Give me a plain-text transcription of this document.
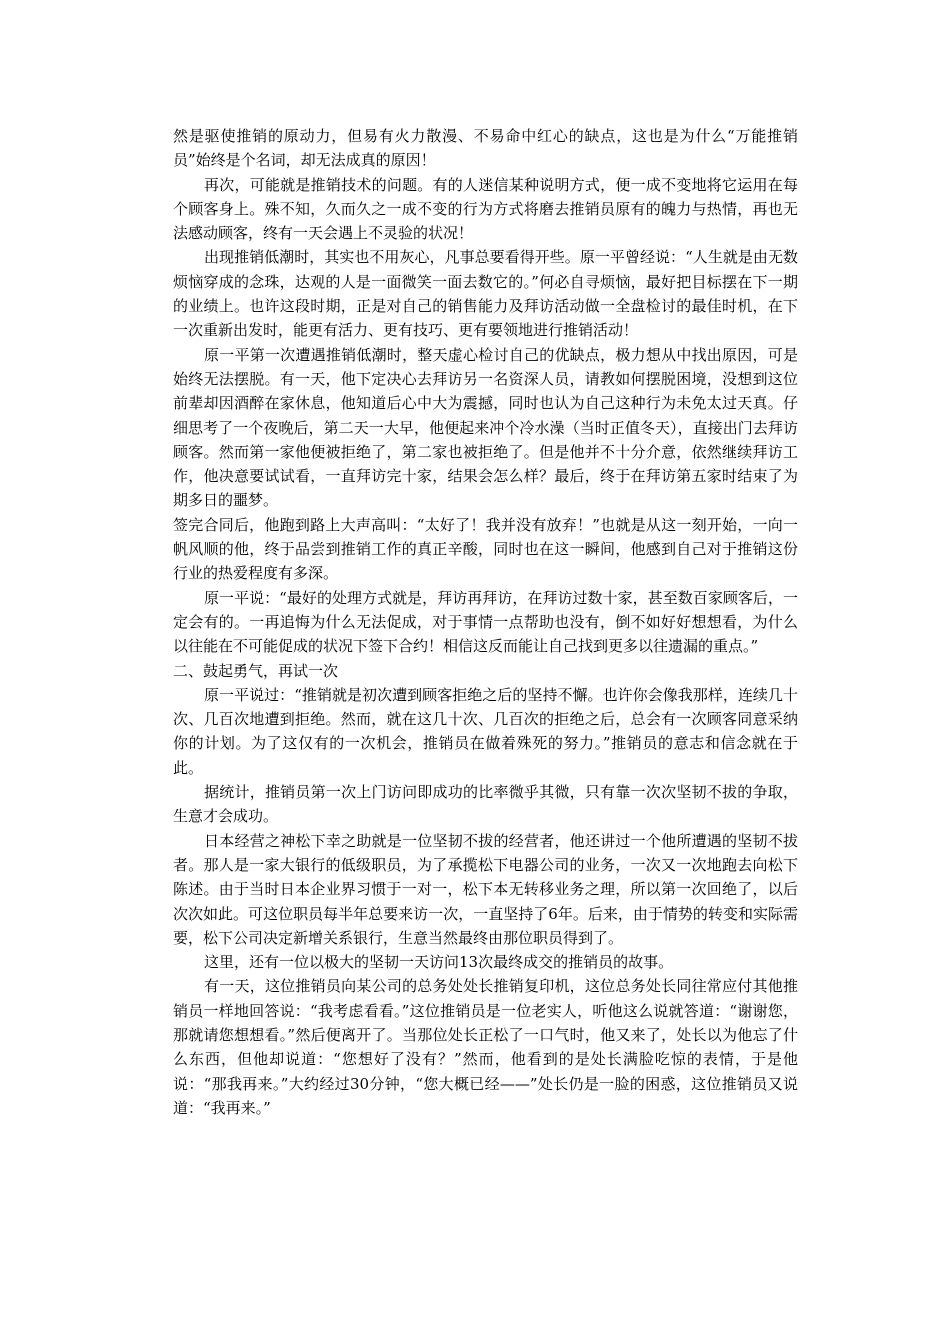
然是驱使推销的原动力，但易有火力散漫、不易命中红心的缺点，这也是为什么“万能推销员”始终是个名词，却无法成真的原因！

再次，可能就是推销技术的问题。有的人迷信某种说明方式，便一成不变地将它运用在每个顾客身上。殊不知，久而久之一成不变的行为方式将磨去推销员原有的魄力与热情，再也无法感动顾客，终有一天会遇上不灵验的状况！

出现推销低潮时，其实也不用灰心，凡事总要看得开些。原一平曾经说：“人生就是由无数烦恼穿成的念珠，达观的人是一面微笑一面去数它的。”何必自寻烦恼，最好把目标摆在下一期的业绩上。也许这段时期，正是对自己的销售能力及拜访活动做一全盘检讨的最佳时机，在下一次重新出发时，能更有活力、更有技巧、更有要领地进行推销活动！

原一平第一次遭遇推销低潮时，整天虚心检讨自己的优缺点，极力想从中找出原因，可是始终无法摆脱。有一天，他下定决心去拜访另一名资深人员，请教如何摆脱困境，没想到这位前辈却因酒醉在家休息，他知道后心中大为震撼，同时也认为自己这种行为未免太过天真。仔细思考了一个夜晚后，第二天一大早，他便起来冲个冷水澡（当时正值冬天），直接出门去拜访顾客。然而第一家他便被拒绝了，第二家也被拒绝了。但是他并不十分介意，依然继续拜访工作，他决意要试试看，一直拜访完十家，结果会怎么样？最后，终于在拜访第五家时结束了为期多日的噩梦。

签完合同后，他跑到路上大声高叫：“太好了！我并没有放弃！”也就是从这一刻开始，一向一帆风顺的他，终于品尝到推销工作的真正辛酸，同时也在这一瞬间，他感到自己对于推销这份行业的热爱程度有多深。

原一平说：“最好的处理方式就是，拜访再拜访，在拜访过数十家，甚至数百家顾客后，一定会有的。一再追悔为什么无法促成，对于事情一点帮助也没有，倒不如好好想想看，为什么以往能在不可能促成的状况下签下合约！相信这反而能让自己找到更多以往遗漏的重点。”

二、鼓起勇气，再试一次

原一平说过：“推销就是初次遭到顾客拒绝之后的坚持不懈。也许你会像我那样，连续几十次、几百次地遭到拒绝。然而，就在这几十次、几百次的拒绝之后，总会有一次顾客同意采纳你的计划。为了这仅有的一次机会，推销员在做着殊死的努力。”推销员的意志和信念就在于此。

据统计，推销员第一次上门访问即成功的比率微乎其微，只有靠一次次坚韧不拔的争取，生意才会成功。

日本经营之神松下幸之助就是一位坚韧不拔的经营者，他还讲过一个他所遭遇的坚韧不拔者。那人是一家大银行的低级职员，为了承揽松下电器公司的业务，一次又一次地跑去向松下陈述。由于当时日本企业界习惯于一对一，松下本无转移业务之理，所以第一次回绝了，以后次次如此。可这位职员每半年总要来访一次，一直坚持了6年。后来，由于情势的转变和实际需要，松下公司决定新增关系银行，生意当然最终由那位职员得到了。

这里，还有一位以极大的坚韧一天访问13次最终成交的推销员的故事。

有一天，这位推销员向某公司的总务处处长推销复印机，这位总务处长同往常应付其他推销员一样地回答说：“我考虑看看。”这位推销员是一位老实人，听他这么说就答道：“谢谢您，那就请您想想看。”然后便离开了。当那位处长正松了一口气时，他又来了，处长以为他忘了什么东西，但他却说道：“您想好了没有？”然而，他看到的是处长满脸吃惊的表情，于是他说：“那我再来。”大约经过30分钟，“您大概已经——”处长仍是一脸的困惑，这位推销员又说道：“我再来。”
